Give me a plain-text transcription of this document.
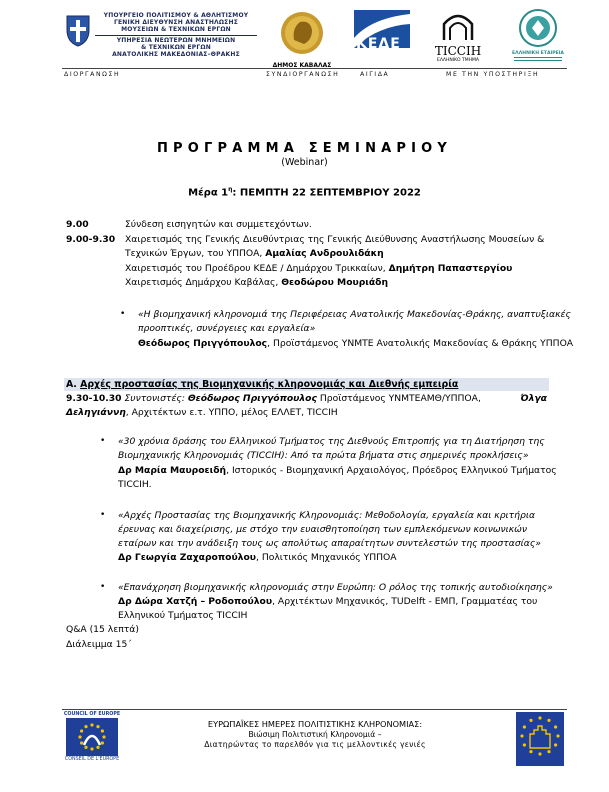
ΥΠΟΥΡΓΕΙΟ ΠΟΛΙΤΙΣΜΟΥ & ΑΘΛΗΤΙΣΜΟΥ
ΓΕΝΙΚΗ ΔΙΕΥΘΥΝΣΗ ΑΝΑΣΤΗΛΩΣΗΣ
ΜΟΥΣΕΙΩΝ & ΤΕΧΝΙΚΩΝ ΕΡΓΩΝ
ΥΠΗΡΕΣΙΑ ΝΕΩΤΕΡΩΝ ΜΝΗΜΕΙΩΝ
& ΤΕΧΝΙΚΩΝ ΕΡΓΩΝ
ΑΝΑΤΟΛΙΚΗΣ ΜΑΚΕΔΟΝΙΑΣ–ΘΡΑΚΗΣ
ΔΗΜΟΣ ΚΑΒΑΛΑΣ
ΚΕΔΕ	TICCIH
ΕΛΛΗΝΙΚΟ ΤΜΗΜΑ
ΕΛΛΗΝΙΚΗ ΕΤΑΙΡΕΙΑ
ΔΙΟΡΓΑΝΩΣΗ	ΣΥΝΔΙΟΡΓΑΝΩΣΗ	ΑΙΓΙΔΑ	ΜΕ ΤΗΝ ΥΠΟΣΤΗΡΙΞΗ
ΠΡΟΓΡΑΜΜΑ ΣΕΜΙΝΑΡΙΟΥ
(Webinar)
Μέρα $1^\eta$: ΠΕΜΠΤΗ 22 ΣΕΠΤΕΜΒΡΙΟΥ 2022
9.00	Σύνδεση εισηγητών και συμμετεχόντων.
9.00-9.30 Χαιρετισμός της Γενικής Διευθύντριας της Γενικής Διεύθυνσης Αναστήλωσης Μουσείων &
Τεχνικών Έργων, του ΥΠΠΟΑ, Αμαλίας Ανδρουλιδάκη
Χαιρετισμός του Προέδρου ΚΕΔΕ / Δημάρχου Τρικκαίων, Δημήτρη Παπαστεργίου
Χαιρετισμός Δημάρχου Καβάλας, Θεοδώρου Μουριάδη
• «Η βιομηχανική κληρονομιά της Περιφέρειας Ανατολικής Μακεδονίας-Θράκης, αναπτυξιακές
προοπτικές, συνέργειες και εργαλεία»
Θεόδωρος Πριγγόπουλος, Προϊστάμενος ΥΝΜΤΕ Ανατολικής Μακεδονίας & Θράκης ΥΠΠΟΑ
Α. Αρχές προστασίας της Βιομηχανικής κληρονομιάς και Διεθνής εμπειρία
9.30-10.30 Συντονιστές: Θεόδωρος Πριγγόπουλος Προϊστάμενος ΥΝΜΤΕΑΜΘ/ΥΠΠΟΑ,	Όλγα
Δεληγιάννη, Αρχιτέκτων ε.τ. ΥΠΠΟ, μέλος ΕΛΛΕΤ, TICCIH
• «30 χρόνια δράσης του Ελληνικού Τμήματος της Διεθνούς Επιτροπής για τη Διατήρηση της
Βιομηχανικής Κληρονομιάς (TICCIH): Από τα πρώτα βήματα στις σημερινές προκλήσεις»
Δρ Μαρία Μαυροειδή, Ιστορικός - Βιομηχανική Αρχαιολόγος, Πρόεδρος Ελληνικού Τμήματος
TICCIH.
• «Αρχές Προστασίας της Βιομηχανικής Κληρονομιάς: Μεθοδολογία, εργαλεία και κριτήρια
έρευνας και διαχείρισης, με στόχο την ευαισθητοποίηση των εμπλεκόμενων κοινωνικών
εταίρων και την ανάδειξη τους ως απολύτως απαραίτητων συντελεστών της προστασίας»
Δρ Γεωργία Ζαχαροπούλου, Πολιτικός Μηχανικός ΥΠΠΟΑ
• «Επανάχρηση βιομηχανικής κληρονομιάς στην Ευρώπη: Ο ρόλος της τοπικής αυτοδιοίκησης»
Δρ Δώρα Χατζή – Ροδοπούλου, Αρχιτέκτων Μηχανικός, TUDelft - ΕΜΠ, Γραμματέας του
Ελληνικού Τμήματος TICCIH
Q&A (15 λεπτά)
Διάλειμμα 15΄
COUNCIL OF EUROPE
CONSEIL DE L'EUROPE
ΕΥΡΩΠΑΪΚΕΣ ΗΜΕΡΕΣ ΠΟΛΙΤΙΣΤΙΚΗΣ ΚΛΗΡΟΝΟΜΙΑΣ:
Βιώσιμη Πολιτιστική Κληρονομιά –
Διατηρώντας το παρελθόν για τις μελλοντικές γενιές
